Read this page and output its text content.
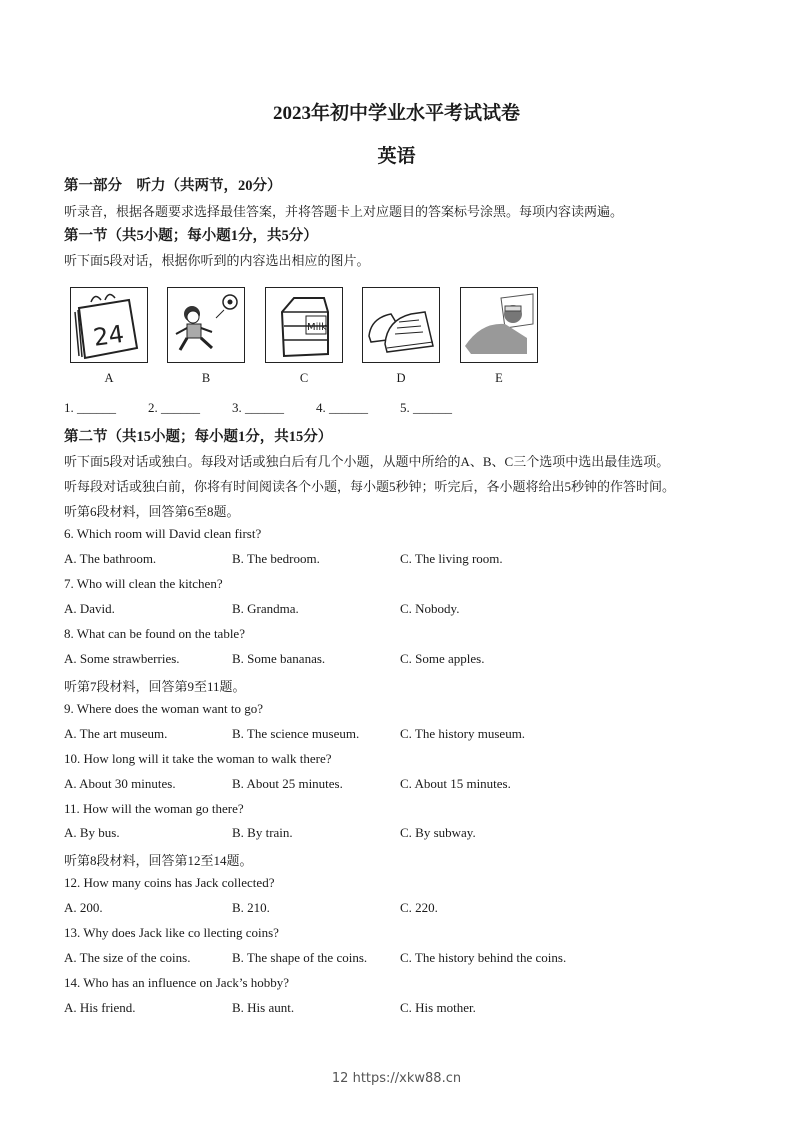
2023年初中学业水平考试试卷
英语
第一部分　听力（共两节，20分）
听录音，根据各题要求选择最佳答案，并将答题卡上对应题目的答案标号涂黑。每项内容读两遍。
第一节（共5小题；每小题1分，共5分）
听下面5段对话，根据你听到的内容选出相应的图片。
24
A	B
Milk
C	D	E
1. ______ 2. ______ 3. ______ 4. ______ 5. ______
第二节（共15小题；每小题1分，共15分）
听下面5段对话或独白。每段对话或独白后有几个小题，从题中所给的A、B、C三个选项中选出最佳选项。
听每段对话或独白前，你将有时间阅读各个小题，每小题5秒钟；听完后，各小题将给出5秒钟的作答时间。
听第6段材料，回答第6至8题。
6. Which room will David clean first?
A. The bathroom.	B. The bedroom.	C. The living room.
7. Who will clean the kitchen?
A. David.	B. Grandma.	C. Nobody.
8. What can be found on the table?
A. Some strawberries.	B. Some bananas.	C. Some apples.
听第7段材料，回答第9至11题。
9. Where does the woman want to go?
A. The art museum.	B. The science museum.	C. The history museum.
10. How long will it take the woman to walk there?
A. About 30 minutes.	B. About 25 minutes.	C. About 15 minutes.
11. How will the woman go there?
A. By bus.	B. By train.	C. By subway.
听第8段材料，回答第12至14题。
12. How many coins has Jack collected?
A. 200.	B. 210.	C. 220.
13. Why does Jack like co llecting coins?
A. The size of the coins.	B. The shape of the coins.	C. The history behind the coins.
14. Who has an influence on Jack’s hobby?
A. His friend.	B. His aunt.	C. His mother.
12 https://xkw88.cn
